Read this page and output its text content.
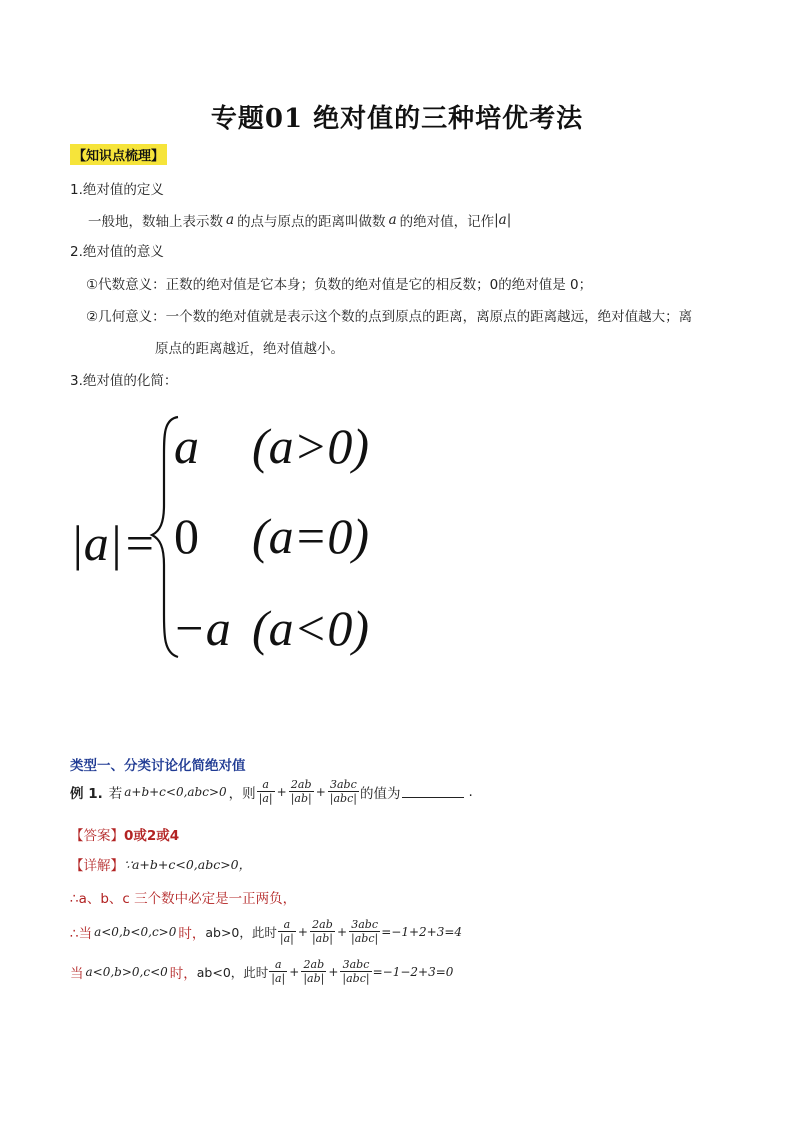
专题01 绝对值的三种培优考法
【知识点梳理】
1.绝对值的定义
一般地，数轴上表示数 a 的点与原点的距离叫做数 a 的绝对值，记作 |a|
2.绝对值的意义
①代数意义：正数的绝对值是它本身；负数的绝对值是它的相反数；0的绝对值是 0；
②几何意义：一个数的绝对值就是表示这个数的点到原点的距离，离原点的距离越远，绝对值越大；离
原点的距离越近，绝对值越小。
3.绝对值的化简：
|a|=
a (a>0)
0 (a=0)
−a (a<0)
类型一、分类讨论化简绝对值
例 1. 若 a+b+c<0,abc>0 ，则 $\frac{a}{|a|} + \frac{2ab}{|ab|} + \frac{\text{3abc}}{\text{|abc|}}$ 的值为	.
【答案】 0或2或4
【详解】 ∵a+b+c<0,abc>0，
∴a、b、c 三个数中必定是一正两负，
∴当 a<0,b<0,c>0 时， ab>0，此时 $\frac{a}{|a|} + \frac{2ab}{|ab|} + \frac{\text{3abc}}{\text{|abc|}} =-1+2+3=4$
当 a<0,b>0,c<0 时， ab<0，此时 $\frac{a}{|a|} + \frac{2ab}{|ab|} + \frac{\text{3abc}}{\text{|abc|}} =-1-2+3=0$
